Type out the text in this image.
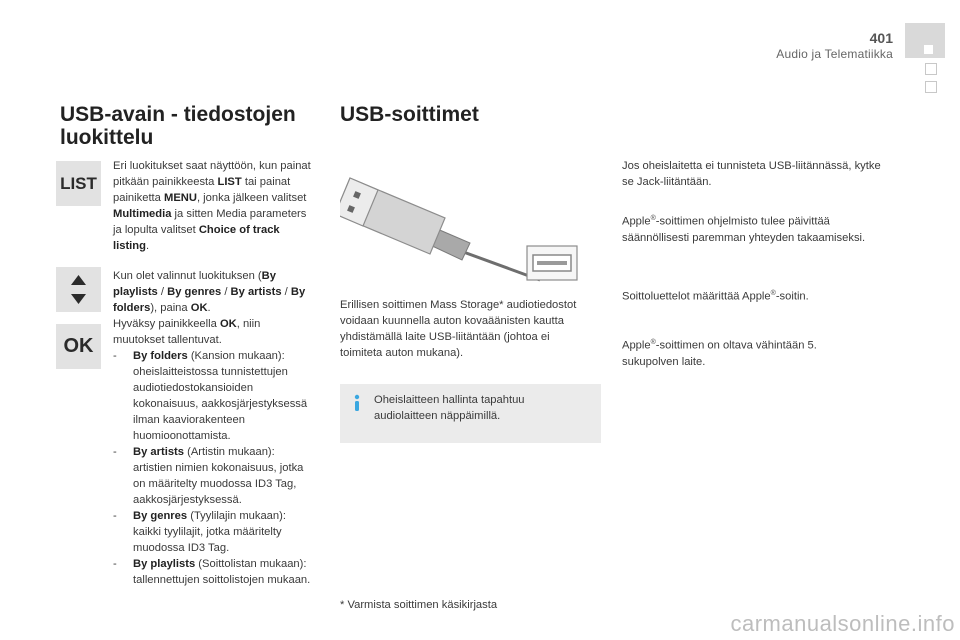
401
Audio ja Telematiikka
USB-avain - tiedostojen
luokittelu
LIST
OK
Eri luokitukset saat näyttöön, kun painat pitkään painikkeesta LIST tai painat painiketta MENU, jonka jälkeen valitset Multimedia ja sitten Media parameters ja lopulta valitset Choice of track listing.
Kun olet valinnut luokituksen (By playlists / By genres / By artists / By folders), paina OK.
Hyväksy painikkeella OK, niin muutokset tallentuvat.
- By folders (Kansion mukaan): oheislaitteistossa tunnistettujen audiotiedostokansioiden kokonaisuus, aakkosjärjestyksessä ilman kaaviorakenteen huomioonottamista.
- By artists (Artistin mukaan): artistien nimien kokonaisuus, jotka on määritelty muodossa ID3 Tag, aakkosjärjestyksessä.
- By genres (Tyylilajin mukaan): kaikki tyylilajit, jotka määritelty muodossa ID3 Tag.
- By playlists (Soittolistan mukaan): tallennettujen soittolistojen mukaan.
USB-soittimet
Erillisen soittimen Mass Storage* audiotiedostot voidaan kuunnella auton kovaäänisten kautta yhdistämällä laite USB-liitäntään (johtoa ei toimiteta auton mukana).
Oheislaitteen hallinta tapahtuu audiolaitteen näppäimillä.
* Varmista soittimen käsikirjasta
Jos oheislaitetta ei tunnisteta USB-liitännässä, kytke se Jack-liitäntään.
Apple®-soittimen ohjelmisto tulee päivittää säännöllisesti paremman yhteyden takaamiseksi.
Soittoluettelot määrittää Apple®-soitin.
Apple®-soittimen on oltava vähintään 5. sukupolven laite.
carmanualsonline.info
